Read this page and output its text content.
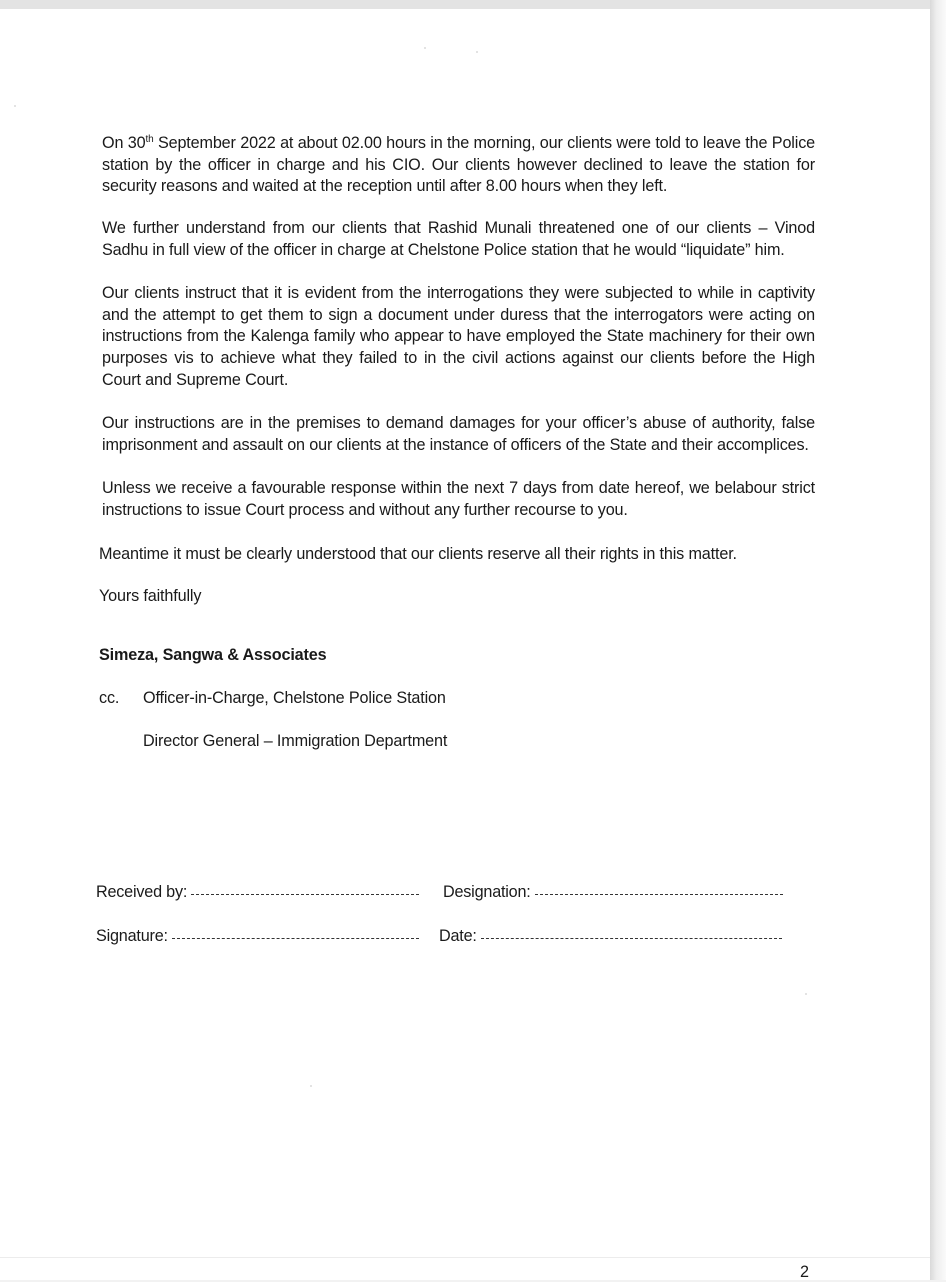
On 30th September 2022 at about 02.00 hours in the morning, our clients were told to leave the Police station by the officer in charge and his CIO. Our clients however declined to leave the station for security reasons and waited at the reception until after 8.00 hours when they left.

We further understand from our clients that Rashid Munali threatened one of our clients – Vinod Sadhu in full view of the officer in charge at Chelstone Police station that he would “liquidate” him.

Our clients instruct that it is evident from the interrogations they were subjected to while in captivity and the attempt to get them to sign a document under duress that the interrogators were acting on instructions from the Kalenga family who appear to have employed the State machinery for their own purposes vis to achieve what they failed to in the civil actions against our clients before the High Court and Supreme Court.

Our instructions are in the premises to demand damages for your officer’s abuse of authority, false imprisonment and assault on our clients at the instance of officers of the State and their accomplices.

Unless we receive a favourable response within the next 7 days from date hereof, we belabour strict instructions to issue Court process and without any further recourse to you.

Meantime it must be clearly understood that our clients reserve all their rights in this matter.

Yours faithfully

Simeza, Sangwa & Associates

cc. Officer-in-Charge, Chelstone Police Station

Director General – Immigration Department

Received by:	Designation:

Signature:	Date:

2
